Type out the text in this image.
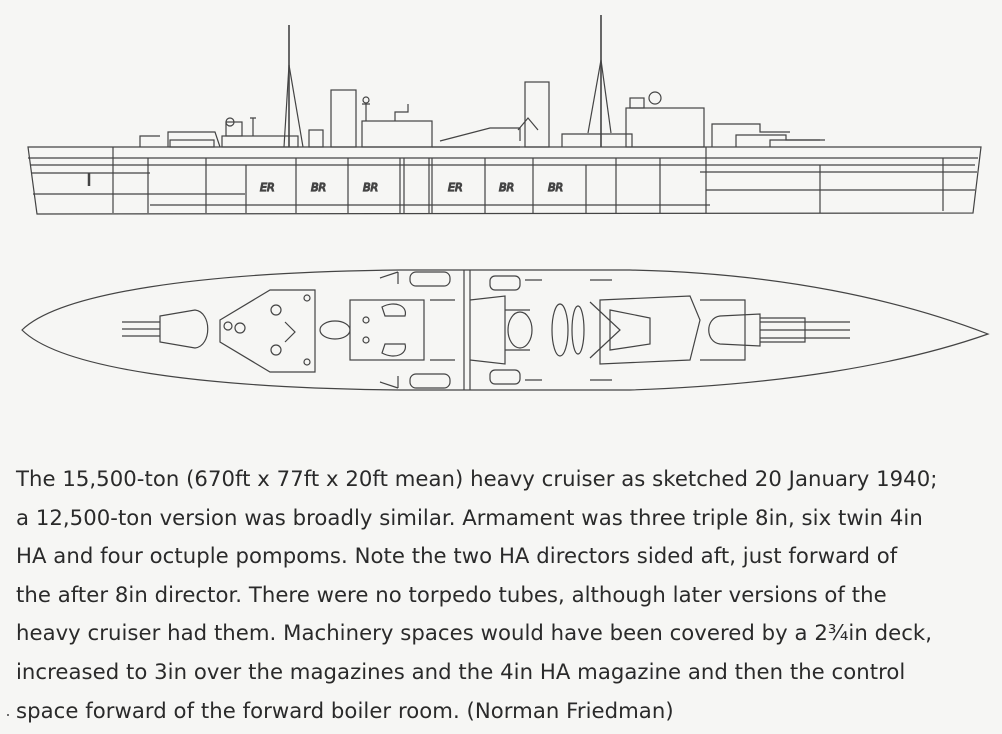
ER	BR	BR	ER	BR	BR
The 15,500-ton (670ft x 77ft x 20ft mean) heavy cruiser as sketched 20 January 1940;
a 12,500-ton version was broadly similar. Armament was three triple 8in, six twin 4in
HA and four octuple pompoms. Note the two HA directors sided aft, just forward of
the after 8in director. There were no torpedo tubes, although later versions of the
heavy cruiser had them. Machinery spaces would have been covered by a 2¾in deck,
increased to 3in over the magazines and the 4in HA magazine and then the control
space forward of the forward boiler room. (Norman Friedman)
